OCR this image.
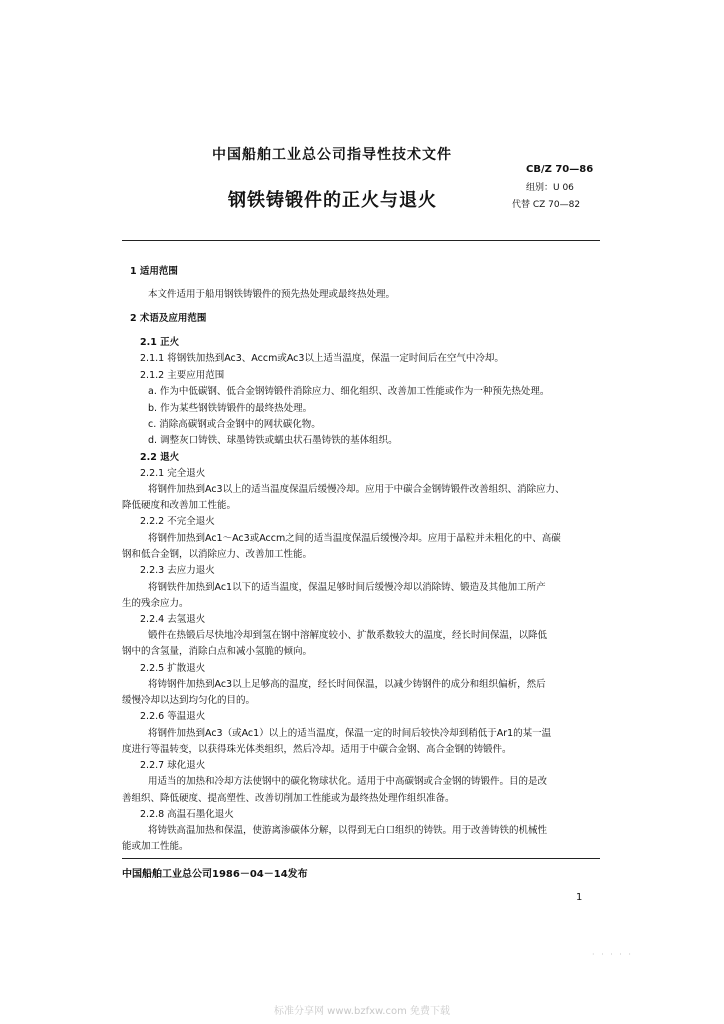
中国船舶工业总公司指导性技术文件
CB/Z 70—86
组别：U 06
钢铁铸锻件的正火与退火	代替 CZ 70—82
1 适用范围
本文件适用于船用钢铁铸锻件的预先热处理或最终热处理。
2 术语及应用范围
2.1 正火
2.1.1 将钢铁加热到Ac3、Accm或Ac3以上适当温度，保温一定时间后在空气中冷却。
2.1.2 主要应用范围
a. 作为中低碳钢、低合金钢铸锻件消除应力、细化组织、改善加工性能或作为一种预先热处理。
b. 作为某些钢铁铸锻件的最终热处理。
c. 消除高碳钢或合金钢中的网状碳化物。
d. 调整灰口铸铁、球墨铸铁或蠕虫状石墨铸铁的基体组织。
2.2 退火
2.2.1 完全退火
将钢件加热到Ac3以上的适当温度保温后缓慢冷却。应用于中碳合金钢铸锻件改善组织、消除应力、
降低硬度和改善加工性能。
2.2.2 不完全退火
将钢件加热到Ac1～Ac3或Accm之间的适当温度保温后缓慢冷却。应用于晶粒并未粗化的中、高碳
钢和低合金钢，以消除应力、改善加工性能。
2.2.3 去应力退火
将钢铁件加热到Ac1以下的适当温度，保温足够时间后缓慢冷却以消除铸、锻造及其他加工所产
生的残余应力。
2.2.4 去氢退火
锻件在热锻后尽快地冷却到氢在钢中溶解度较小、扩散系数较大的温度，经长时间保温，以降低
钢中的含氢量，消除白点和减小氢脆的倾向。
2.2.5 扩散退火
将铸钢件加热到Ac3以上足够高的温度，经长时间保温，以减少铸钢件的成分和组织偏析，然后
缓慢冷却以达到均匀化的目的。
2.2.6 等温退火
将钢件加热到Ac3（或Ac1）以上的适当温度，保温一定的时间后较快冷却到稍低于Ar1的某一温
度进行等温转变，以获得珠光体类组织，然后冷却。适用于中碳合金钢、高合金钢的铸锻件。
2.2.7 球化退火
用适当的加热和冷却方法使钢中的碳化物球状化。适用于中高碳钢或合金钢的铸锻件。目的是改
善组织、降低硬度、提高塑性、改善切削加工性能或为最终热处理作组织准备。
2.2.8 高温石墨化退火
将铸铁高温加热和保温，使游离渗碳体分解，以得到无白口组织的铸铁。用于改善铸铁的机械性
能或加工性能。
中国船舶工业总公司1986－04－14发布
1
· · · · ·
标准分享网 www.bzfxw.com 免费下载
